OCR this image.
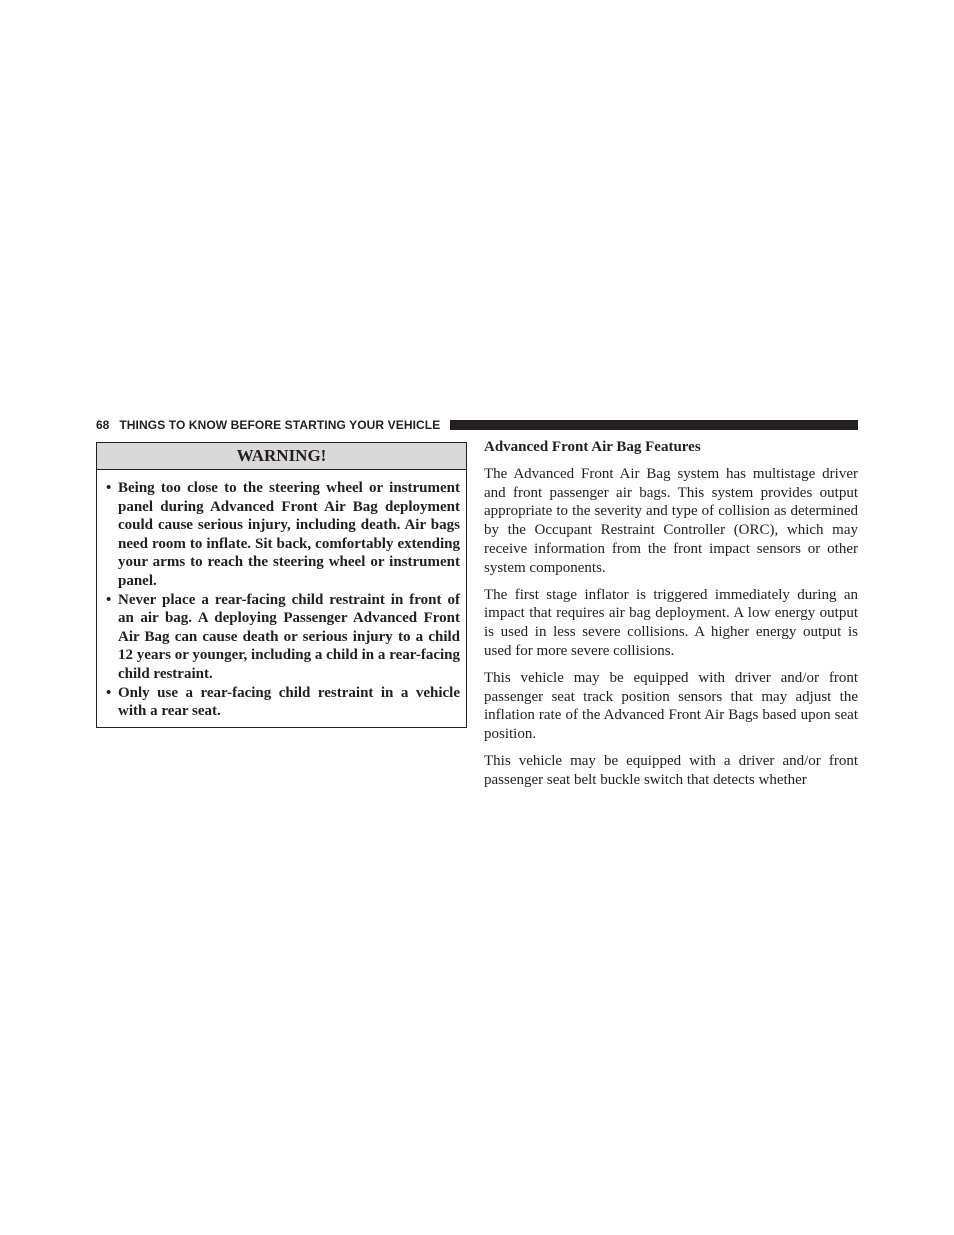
68 THINGS TO KNOW BEFORE STARTING YOUR VEHICLE
WARNING!
• Being too close to the steering wheel or instrument panel during Advanced Front Air Bag deployment could cause serious injury, including death. Air bags need room to inflate. Sit back, comfortably extending your arms to reach the steering wheel or instrument panel.
• Never place a rear-facing child restraint in front of an air bag. A deploying Passenger Advanced Front Air Bag can cause death or serious injury to a child 12 years or younger, including a child in a rear-facing child restraint.
• Only use a rear-facing child restraint in a vehicle with a rear seat.
Advanced Front Air Bag Features

The Advanced Front Air Bag system has multistage driver and front passenger air bags. This system provides output appropriate to the severity and type of collision as determined by the Occupant Restraint Controller (ORC), which may receive information from the front impact sensors or other system components.

The first stage inflator is triggered immediately during an impact that requires air bag deployment. A low energy output is used in less severe collisions. A higher energy output is used for more severe collisions.

This vehicle may be equipped with driver and/or front passenger seat track position sensors that may adjust the inflation rate of the Advanced Front Air Bags based upon seat position.

This vehicle may be equipped with a driver and/or front passenger seat belt buckle switch that detects whether
